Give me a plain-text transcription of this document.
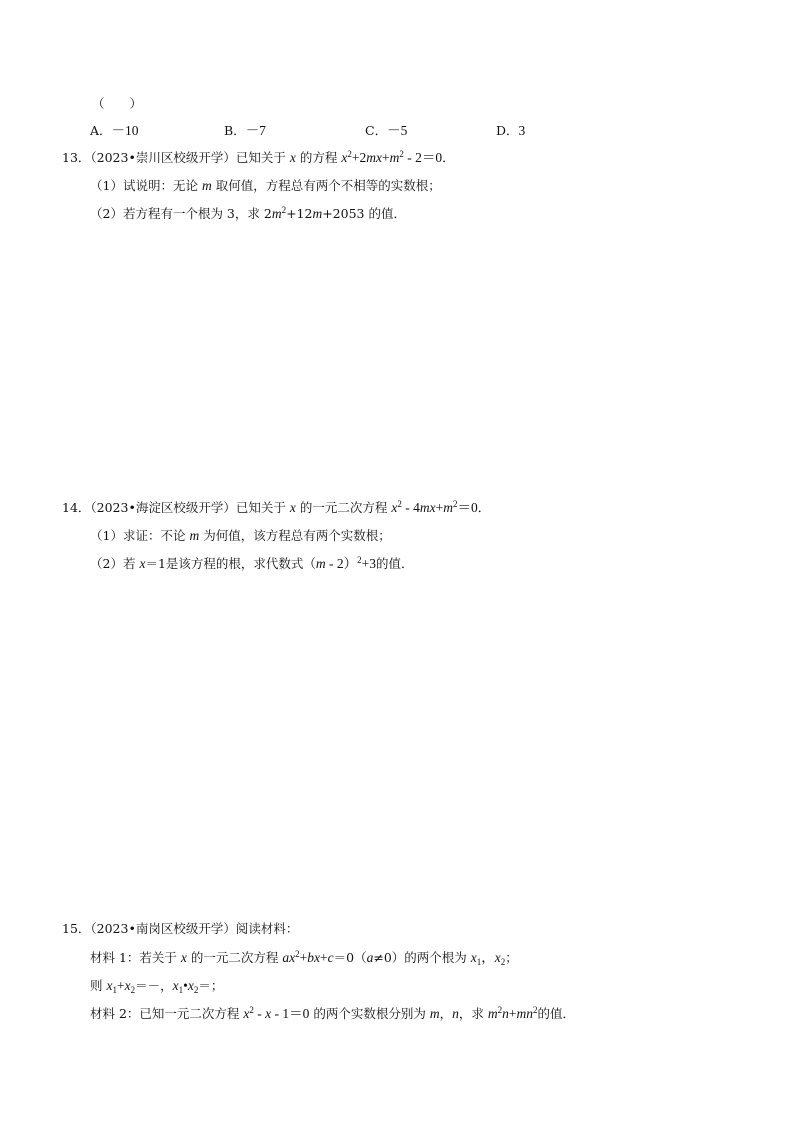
（　　）
A．－10	B．－7	C．－5	D．3
13．（2023•崇川区校级开学）已知关于 x 的方程 $x^2+2mx+m^2 - 2=0$．
（1）试说明：无论 m 取何值，方程总有两个不相等的实数根；
（2）若方程有一个根为 3，求 $2m^2+12m+2053$ 的值．
14．（2023•海淀区校级开学）已知关于 x 的一元二次方程 $x^2 - 4mx+m^2=0$．
（1）求证：不论 m 为何值，该方程总有两个实数根；
（2）若 x＝1是该方程的根，求代数式（m - 2）$^2$+3的值．
15．（2023•南岗区校级开学）阅读材料：
材料 1：若关于 x 的一元二次方程 $ax^2+bx+c=0(a\ne 0)$的两个根为 $x_1$，$x_2$；
则 $x_1+x_2=-$，$x_1•x_2=$；
材料 2：已知一元二次方程 $x^2 - x - 1=0$ 的两个实数根分别为 m，n，求 $m^2n+mn^2$的值．
